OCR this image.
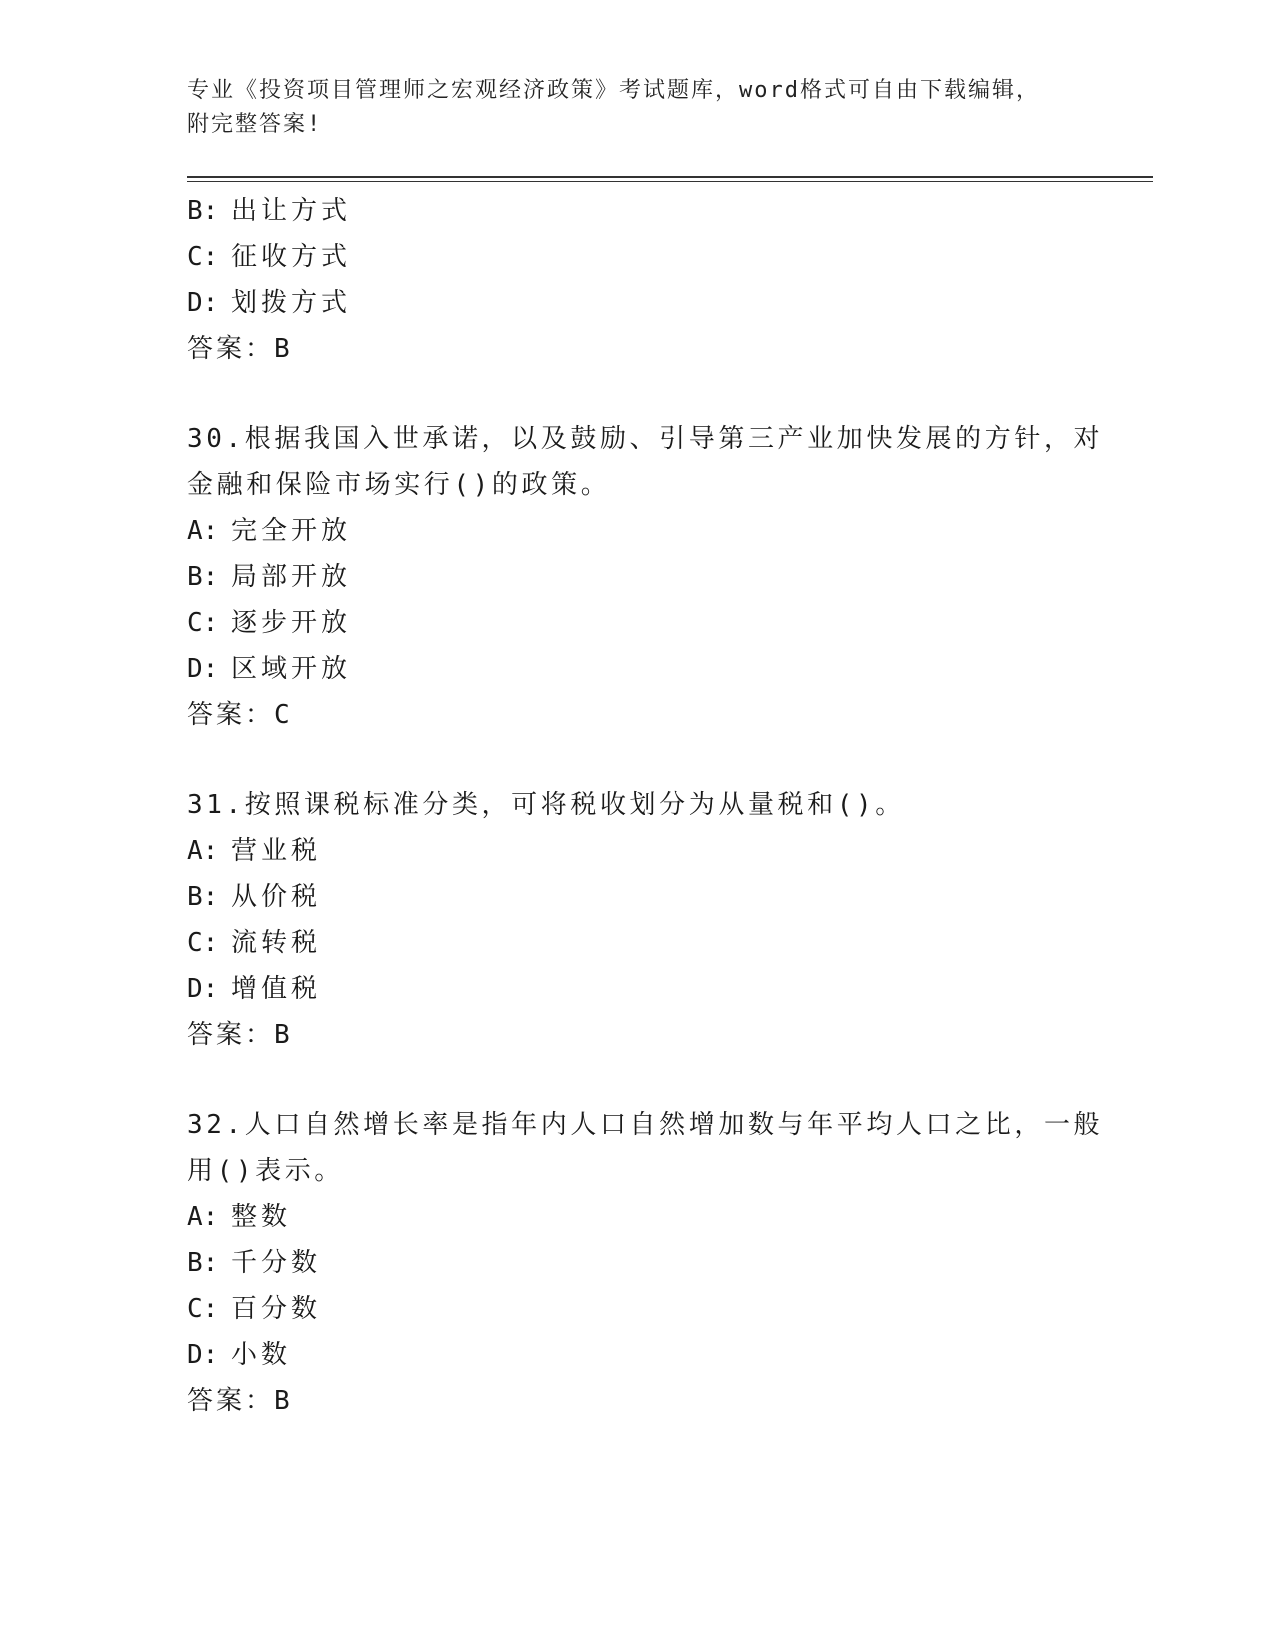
专业《投资项目管理师之宏观经济政策》考试题库，word格式可自由下载编辑，
附完整答案!
B: 出让方式
C: 征收方式
D: 划拨方式
答案：B
30.根据我国入世承诺，以及鼓励、引导第三产业加快发展的方针，对
金融和保险市场实行()的政策。
A: 完全开放
B: 局部开放
C: 逐步开放
D: 区域开放
答案：C
31.按照课税标准分类，可将税收划分为从量税和()。
A: 营业税
B: 从价税
C: 流转税
D: 增值税
答案：B
32.人口自然增长率是指年内人口自然增加数与年平均人口之比，一般
用()表示。
A: 整数
B: 千分数
C: 百分数
D: 小数
答案：B
